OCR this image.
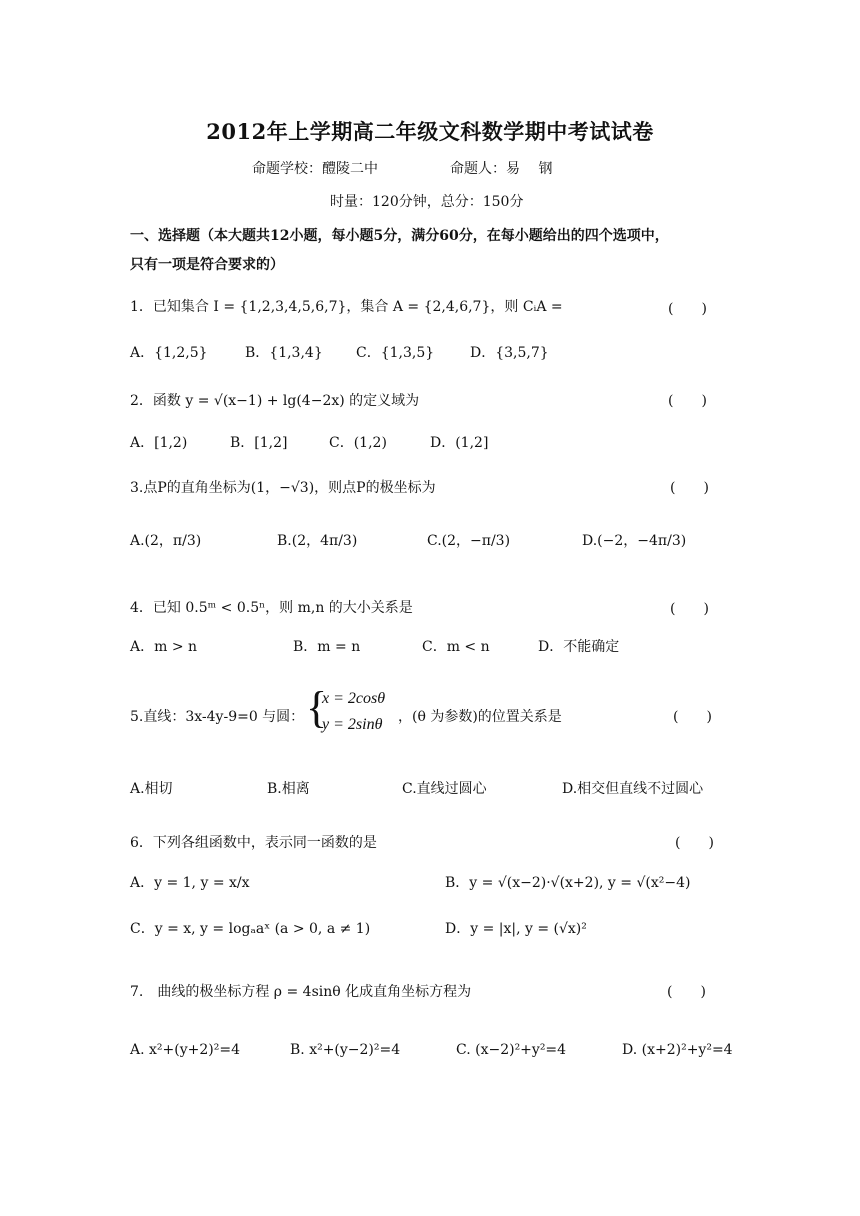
2012年上学期高二年级文科数学期中考试试卷
命题学校：醴陵二中	命题人：易　 钢
时量：120分钟，总分：150分
一、选择题（本大题共12小题，每小题5分，满分60分，在每小题给出的四个选项中，
只有一项是符合要求的）
1．已知集合 I = {1,2,3,4,5,6,7}，集合 A = {2,4,6,7}，则 CᵢA =	(　　)
A．{1,2,5}	B．{1,3,4} C．{1,3,5}	D．{3,5,7}
2．函数 y = √(x−1) + lg(4−2x) 的定义域为	(　　)
A．[1,2)	B．[1,2]	C．(1,2)	D．(1,2]
3.点P的直角坐标为(1，−√3)，则点P的极坐标为	(　　)
A.(2，π/3)	B.(2，4π/3)	C.(2，−π/3)	D.(−2，−4π/3)
4．已知 0.5ᵐ < 0.5ⁿ，则 m,n 的大小关系是	(　　)
A．m > n	B．m = n	C．m < n	D．不能确定
5.直线：3x-4y-9=0 与圆： {
x = 2cosθ
y = 2sinθ ，(θ 为参数)的位置关系是	(　　)
A.相切	B.相离	C.直线过圆心	D.相交但直线不过圆心
6．下列各组函数中，表示同一函数的是	(　　)
A．y = 1, y = x/x	B．y = √(x−2)·√(x+2), y = √(x²−4)
C．y = x, y = logₐaˣ (a > 0, a ≠ 1)	D．y = |x|, y = (√x)²
7.　曲线的极坐标方程 ρ = 4sinθ 化成直角坐标方程为	(　　)
A. x²+(y+2)²=4	B. x²+(y−2)²=4	C. (x−2)²+y²=4	D. (x+2)²+y²=4
